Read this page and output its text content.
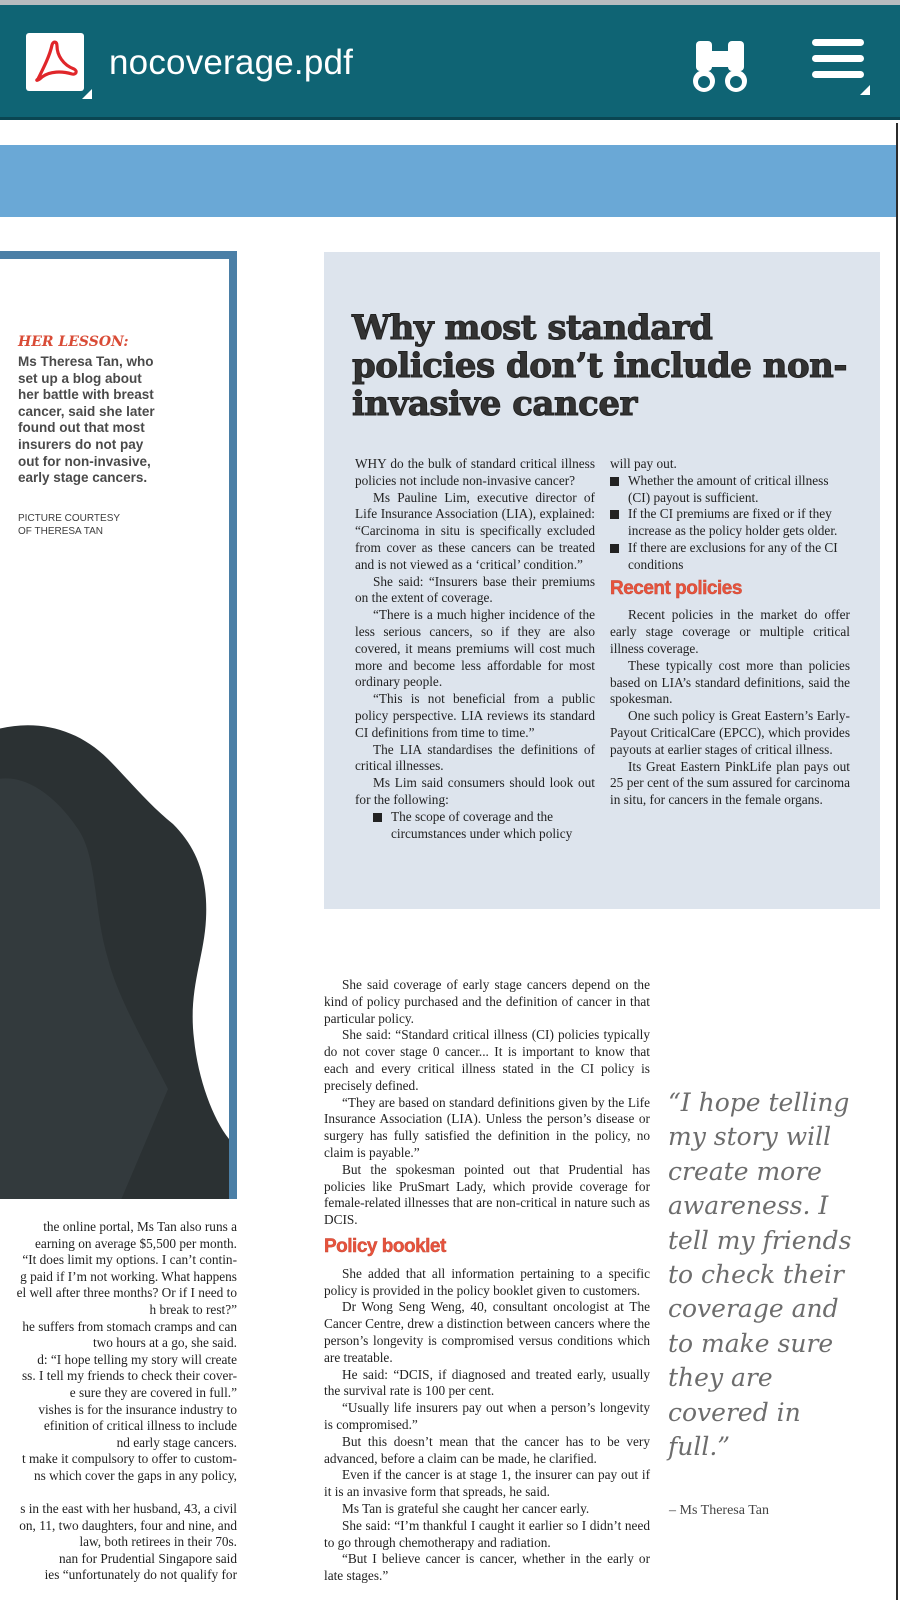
nocoverage.pdf
HER LESSON:
Ms Theresa Tan, who set up a blog about her battle with breast cancer, said she later found out that most insurers do not pay out for non-invasive, early stage cancers.
PICTURE COURTESY
OF THERESA TAN
Why most standard policies don’t include non-invasive cancer

WHY do the bulk of standard critical illness policies not include non-invasive cancer?

Ms Pauline Lim, executive director of Life Insurance Association (LIA), explained: “Carcinoma in situ is specifically excluded from cover as these cancers can be treated and is not viewed as a ‘critical’ condition.”

She said: “Insurers base their premiums on the extent of coverage.

“There is a much higher incidence of the less serious cancers, so if they are also covered, it means premiums will cost much more and become less affordable for most ordinary people.

“This is not beneficial from a public policy perspective. LIA reviews its standard CI definitions from time to time.”

The LIA standardises the definitions of critical illnesses.

Ms Lim said consumers should look out for the following:

The scope of coverage and the circumstances under which policy

will pay out.

Whether the amount of critical illness (CI) payout is sufficient.

If the CI premiums are fixed or if they increase as the policy holder gets older.

If there are exclusions for any of the CI conditions

Recent policies

Recent policies in the market do offer early stage coverage or multiple critical illness coverage.

These typically cost more than policies based on LIA’s standard definitions, said the spokesman.

One such policy is Great Eastern’s Early-Payout CriticalCare (EPCC), which provides payouts at earlier stages of critical illness.

Its Great Eastern PinkLife plan pays out 25 per cent of the sum assured for carcinoma in situ, for cancers in the female organs.

the online portal, Ms Tan also runs a
earning on average $5,500 per month.
“It does limit my options. I can’t contin-
g paid if I’m not working. What happens
el well after three months? Or if I need to
h break to rest?”
he suffers from stomach cramps and can
two hours at a go, she said.
d: “I hope telling my story will create
ss. I tell my friends to check their cover-
e sure they are covered in full.”
vishes is for the insurance industry to
efinition of critical illness to include
nd early stage cancers.
t make it compulsory to offer to custom-
ns which cover the gaps in any policy,
s in the east with her husband, 43, a civil
on, 11, two daughters, four and nine, and
law, both retirees in their 70s.
nan for Prudential Singapore said
ies “unfortunately do not qualify for

She said coverage of early stage cancers depend on the kind of policy purchased and the definition of cancer in that particular policy.

She said: “Standard critical illness (CI) policies typically do not cover stage 0 cancer... It is important to know that each and every critical illness stated in the CI policy is precisely defined.

“They are based on standard definitions given by the Life Insurance Association (LIA). Unless the person’s disease or surgery has fully satisfied the definition in the policy, no claim is payable.”

But the spokesman pointed out that Prudential has policies like PruSmart Lady, which provide coverage for female-related illnesses that are non-critical in nature such as DCIS.

Policy booklet

She added that all information pertaining to a specific policy is provided in the policy booklet given to customers.

Dr Wong Seng Weng, 40, consultant oncologist at The Cancer Centre, drew a distinction between cancers where the person’s longevity is compromised versus conditions which are treatable.

He said: “DCIS, if diagnosed and treated early, usually the survival rate is 100 per cent.

“Usually life insurers pay out when a person’s longevity is compromised.”

But this doesn’t mean that the cancer has to be very advanced, before a claim can be made, he clarified.

Even if the cancer is at stage 1, the insurer can pay out if it is an invasive form that spreads, he said.

Ms Tan is grateful she caught her cancer early.

She said: “I’m thankful I caught it earlier so I didn’t need to go through chemotherapy and radiation.

“But I believe cancer is cancer, whether in the early or late stages.”

“I hope telling my story will create more awareness. I tell my friends to check their coverage and to make sure they are covered in full.”
– Ms Theresa Tan
